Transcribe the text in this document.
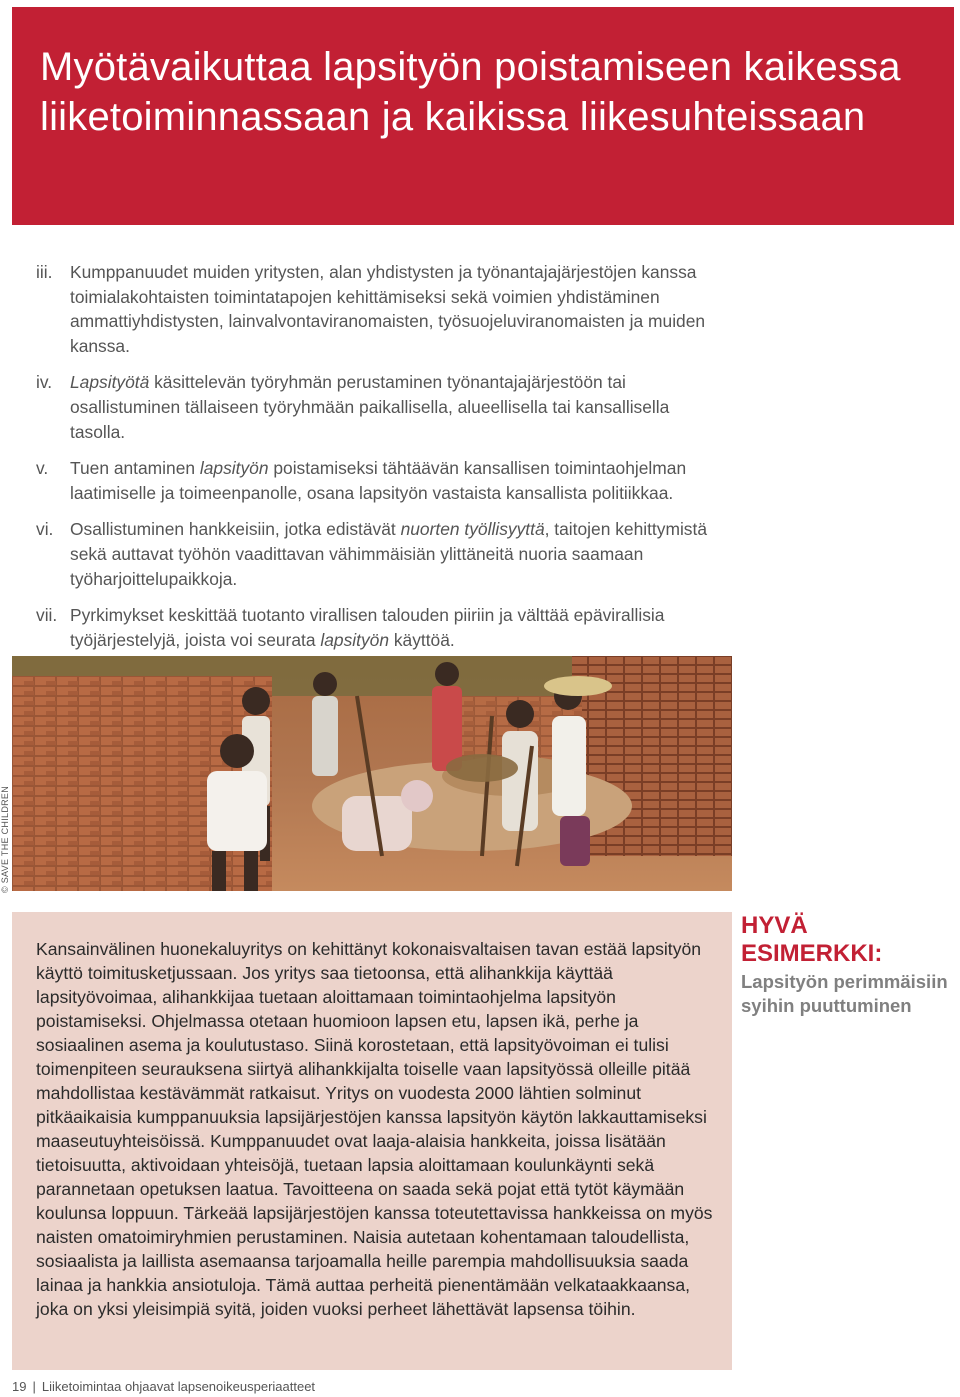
Myötävaikuttaa lapsityön poistamiseen kaikessa liiketoiminnassaan ja kaikissa liikesuhteissaan
iii. Kumppanuudet muiden yritysten, alan yhdistysten ja työnantajajärjestöjen kanssa toimialakohtaisten toimintatapojen kehittämiseksi sekä voimien yhdistäminen ammattiyhdistysten, lainvalvontaviranomaisten, työsuojeluviranomaisten ja muiden kanssa.
iv. Lapsityötä käsittelevän työryhmän perustaminen työnantajajärjestöön tai osallistuminen tällaiseen työryhmään paikallisella, alueellisella tai kansallisella tasolla.
v. Tuen antaminen lapsityön poistamiseksi tähtäävän kansallisen toimintaohjelman laatimiselle ja toimeenpanolle, osana lapsityön vastaista kansallista politiikkaa.
vi. Osallistuminen hankkeisiin, jotka edistävät nuorten työllisyyttä, taitojen kehittymistä sekä auttavat työhön vaadittavan vähimmäisiän ylittäneitä nuoria saamaan työharjoittelupaikkoja.
vii. Pyrkimykset keskittää tuotanto virallisen talouden piiriin ja välttää epävirallisia työjärjestelyjä, joista voi seurata lapsityön käyttöä.
© SAVE THE CHILDREN

Kansainvälinen huonekaluyritys on kehittänyt kokonaisvaltaisen tavan estää lapsityön käyttö toimitusketjussaan. Jos yritys saa tietoonsa, että alihankkija käyttää lapsityövoimaa, alihankkijaa tuetaan aloittamaan toimintaohjelma lapsityön poistamiseksi. Ohjelmassa otetaan huomioon lapsen etu, lapsen ikä, perhe ja sosiaalinen asema ja koulutustaso. Siinä korostetaan, että lapsityövoiman ei tulisi toimenpiteen seurauksena siirtyä alihankkijalta toiselle vaan lapsityössä olleille pitää mahdollistaa kestävämmät ratkaisut. Yritys on vuodesta 2000 lähtien solminut pitkäaikaisia kumppanuuksia lapsijärjestöjen kanssa lapsityön käytön lakkauttamiseksi maaseutuyhteisöissä. Kumppanuudet ovat laaja-alaisia hankkeita, joissa lisätään tietoisuutta, aktivoidaan yhteisöjä, tuetaan lapsia aloittamaan koulunkäynti sekä parannetaan opetuksen laatua. Tavoitteena on saada sekä pojat että tytöt käymään koulunsa loppuun. Tärkeää lapsijärjestöjen kanssa toteutettavissa hankkeissa on myös naisten omatoimiryhmien perustaminen. Naisia autetaan kohentamaan taloudellista, sosiaalista ja laillista asemaansa tarjoamalla heille parempia mahdollisuuksia saada lainaa ja hankkia ansiotuloja. Tämä auttaa perheitä pienentämään velkataakkaansa, joka on yksi yleisimpiä syitä, joiden vuoksi perheet lähettävät lapsensa töihin.

HYVÄ
ESIMERKKI:
Lapsityön perimmäisiin syihin puuttuminen
19 | Liiketoimintaa ohjaavat lapsenoikeusperiaatteet
